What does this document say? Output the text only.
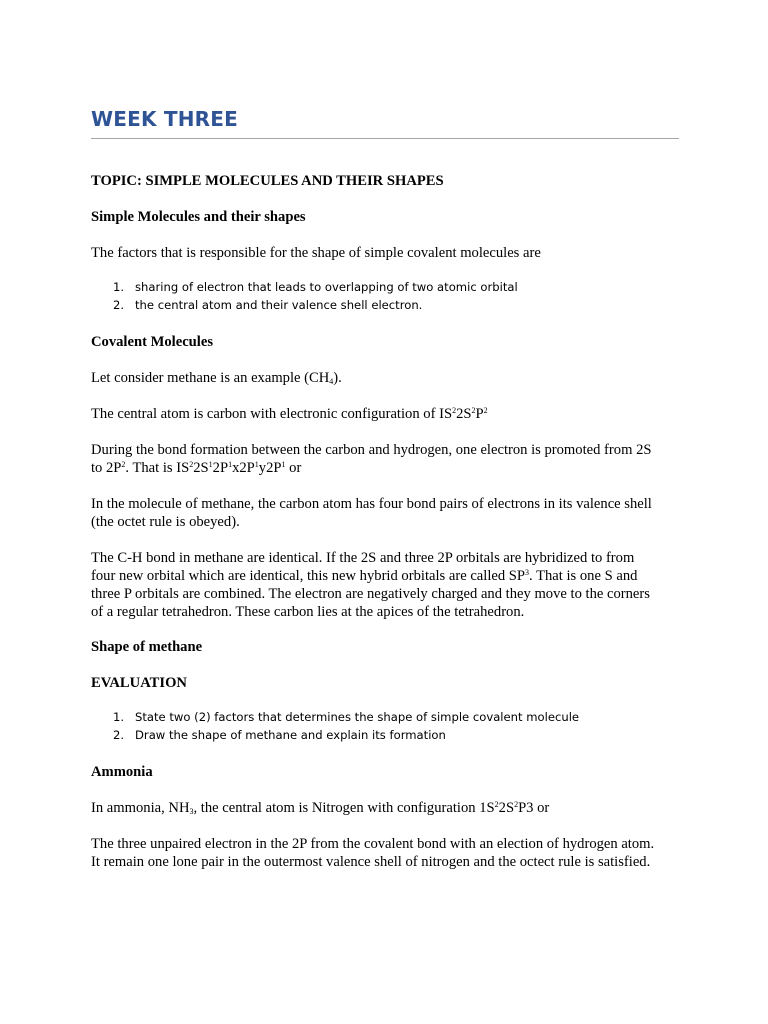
WEEK THREE
TOPIC: SIMPLE MOLECULES AND THEIR SHAPES
Simple Molecules and their shapes
The factors that is responsible for the shape of simple covalent molecules are
1. sharing of electron that leads to overlapping of two atomic orbital
2. the central atom and their valence shell electron.
Covalent Molecules
Let consider methane is an example $(CH_4)$.
The central atom is carbon with electronic configuration of $IS^22S^2P^2$
During the bond formation between the carbon and hydrogen, one electron is promoted from 2S
to $2P^2$. That is $IS^22S^12P^1x2P^1y2P^1$ or
In the molecule of methane, the carbon atom has four bond pairs of electrons in its valence shell
(the octet rule is obeyed).
The C-H bond in methane are identical. If the 2S and three 2P orbitals are hybridized to from
four new orbital which are identical, this new hybrid orbitals are called $SP^3$. That is one S and
three P orbitals are combined. The electron are negatively charged and they move to the corners
of a regular tetrahedron. These carbon lies at the apices of the tetrahedron.
Shape of methane
EVALUATION
1. State two (2) factors that determines the shape of simple covalent molecule
2. Draw the shape of methane and explain its formation
Ammonia
In ammonia, $NH_3$, the central atom is Nitrogen with configuration $1S^22S^2P3$ or
The three unpaired electron in the 2P from the covalent bond with an election of hydrogen atom.
It remain one lone pair in the outermost valence shell of nitrogen and the octect rule is satisfied.
